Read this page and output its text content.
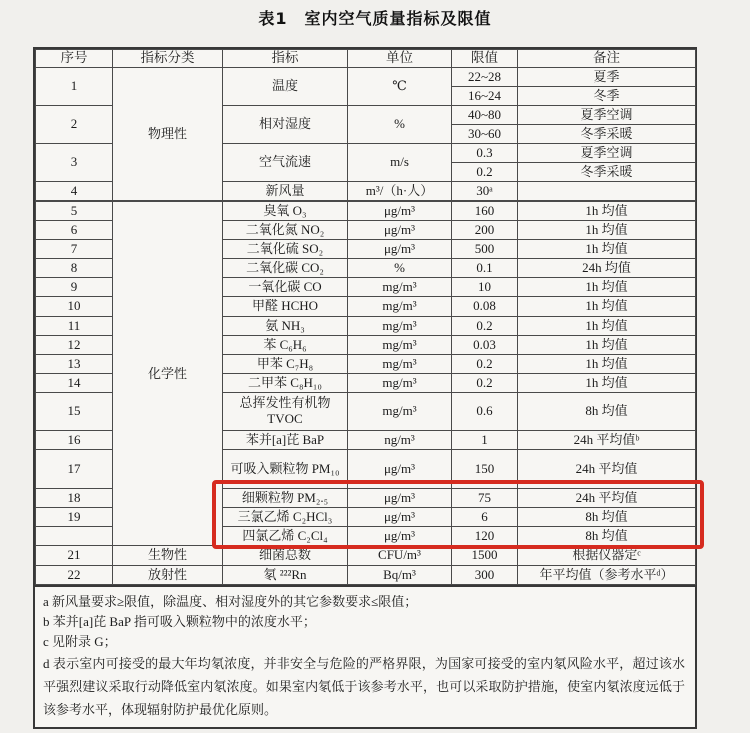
表1　室内空气质量指标及限值
序号	指标分类	指标	单位	限值	备注
1	物理性	温度	℃	22~28	夏季
				16~24	冬季
2		相对湿度	%	40~80	夏季空调
				30~60	冬季采暖
3		空气流速	m/s	0.3	夏季空调
				0.2	冬季采暖
4		新风量	m³/（h·人）	30ᵃ	
5	化学性	臭氧 O₃	μg/m³	160	1h 均值
6		二氧化氮 NO₂	μg/m³	200	1h 均值
7		二氧化硫 SO₂	μg/m³	500	1h 均值
8		二氧化碳 CO₂	%	0.1	24h 均值
9		一氧化碳 CO	mg/m³	10	1h 均值
10		甲醛 HCHO	mg/m³	0.08	1h 均值
11		氨 NH₃	mg/m³	0.2	1h 均值
12		苯 C₆H₆	mg/m³	0.03	1h 均值
13		甲苯 C₇H₈	mg/m³	0.2	1h 均值
14		二甲苯 C₈H₁₀	mg/m³	0.2	1h 均值
15		总挥发性有机物 TVOC	mg/m³	0.6	8h 均值
16		苯并[a]芘 BaP	ng/m³	1	24h 平均值ᵇ
17		可吸入颗粒物 PM₁₀	μg/m³	150	24h 平均值
18		细颗粒物 PM₂.₅	μg/m³	75	24h 平均值
19		三氯乙烯 C₂HCl₃	μg/m³	6	8h 均值
		四氯乙烯 C₂Cl₄	μg/m³	120	8h 均值
21	生物性	细菌总数	CFU/m³	1500	根据仪器定ᶜ
22	放射性	氡 ²²²Rn	Bq/m³	300	年平均值（参考水平ᵈ）

a 新风量要求≥限值，除温度、相对湿度外的其它参数要求≤限值；

b 苯并[a]芘 BaP 指可吸入颗粒物中的浓度水平；

c 见附录 G；

d 表示室内可接受的最大年均氡浓度，并非安全与危险的严格界限，为国家可接受的室内氡风险水平，超过该水平强烈建议采取行动降低室内氡浓度。如果室内氡低于该参考水平，也可以采取防护措施，使室内氡浓度远低于该参考水平，体现辐射防护最优化原则。
